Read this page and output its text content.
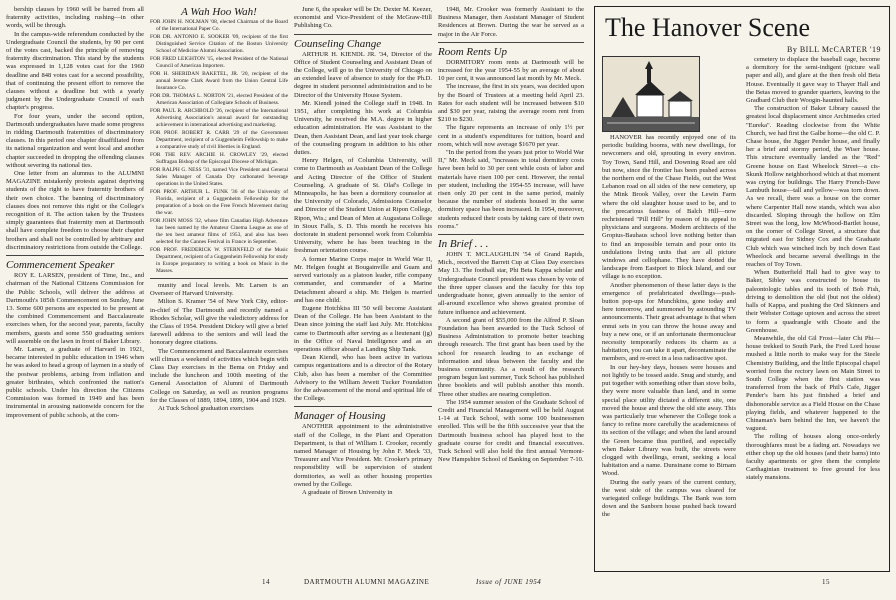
bership clauses by 1960 will be barred from all fraternity activities, including rushing—in other words, will be through.

In the campus-wide referendum conducted by the Undergraduate Council the students, by 90 per cent of the votes cast, backed the principle of removing fraternity discrimination. This stand by the students was expressed in 1,128 votes cast for the 1960 deadline and 848 votes cast for a second possibility, that of continuing the present effort to remove the clauses without a deadline but with a yearly judgment by the Undergraduate Council of each chapter's progress.

For four years, under the second option, Dartmouth undergraduates have made some progress in ridding Dartmouth fraternities of discriminatory clauses. In this period one chapter disaffiliated from its national organization and went local and another chapter succeeded in dropping the offending clauses without severing its national ties.

One letter from an alumnus to the ALUMNI MAGAZINE mistakenly protests against depriving students of the right to have fraternity brothers of their own choice. The banning of discriminatory clauses does not remove this right or the College's recognition of it. The action taken by the Trustees simply guarantees that fraternity men at Dartmouth shall have complete freedom to choose their chapter brothers and shall not be controlled by arbitrary and discriminatory restrictions from outside the College.

Commencement Speaker

ROY E. LARSEN, president of Time, Inc., and chairman of the National Citizens Commission for the Public Schools, will deliver the address at Dartmouth's 185th Commencement on Sunday, June 13. Some 600 persons are expected to be present at the combined Commencement and Baccalaureate exercises when, for the second year, parents, faculty members, guests and some 550 graduating seniors will assemble on the lawn in front of Baker Library.

Mr. Larsen, a graduate of Harvard in 1921, became interested in public education in 1946 when he was asked to head a group of laymen in a study of the postwar problems, arising from inflation and greater birthrates, which confronted the nation's public schools. Under his direction the Citizens Commission was formed in 1949 and has been instrumental in arousing nationwide concern for the improvement of public schools, at the com-

A Wah Hoo Wah!

FOR JOHN H. NOLMAN '08, elected Chairman of the Board of the International Paper Co.

FOR DR. ANTONIO E. SOOKER '09, recipient of the first Distinguished Service Citation of the Boston University School of Medicine Alumni Association.

FOR FRED LEIGHTON '15, elected President of the National Council of American Importers.

FOR H. SHERIDAN BAKETEL, JR. '20, recipient of the annual Jerome Clark Award from the Union Central Life Insurance Co.

FOR DR. THOMAS L. NORTON '21, elected President of the American Association of Collegiate Schools of Business.

FOR PAUL R. ARCHBOLD '26, recipient of the International Advertising Association's annual award for outstanding achievement in international advertising and marketing.

FOR PROF. ROBERT R. CARR '29 of the Government Department, recipient of a Guggenheim Fellowship to make a comparative study of civil liberties in England.

FOR THE REV. ARCHIE H. CROWLEY '29, elected Suffragan Bishop of the Episcopal Diocese of Michigan.

FOR RALPH G. NESS '31, named Vice President and General Sales Manager of Canada Dry carbonated beverage operations in the United States.

FOR PROF. ARTHUR L. FUNK '36 of the University of Florida, recipient of a Guggenheim Fellowship for the preparation of a book on the Free French Movement during the war.

FOR JOHN MOSS '32, whose film Canadian High Adventure has been named by the Amateur Cinema League as one of the ten best amateur films of 1953, and also has been selected for the Cannes Festival in France in September.

FOR PROF. FREDERICK W. STERNFELD of the Music Department, recipient of a Guggenheim Fellowship for study in Europe preparatory to writing a book on Music in the Masses.

munity and local levels. Mr. Larsen is an Overseer of Harvard University.

Milton S. Kramer '54 of New York City, editor-in-chief of The Dartmouth and recently named a Rhodes Scholar, will give the valedictory address for the Class of 1954. President Dickey will give a brief farewell address to the seniors and will lead the honorary degree citations.

The Commencement and Baccalaureate exercises will climax a weekend of activities which begin with Class Day exercises in the Bema on Friday and include the luncheon and 100th meeting of the General Association of Alumni of Dartmouth College on Saturday, as well as reunion programs for the Classes of 1889, 1894, 1899, 1904 and 1929.

At Tuck School graduation exercises

June 6, the speaker will be Dr. Dexter M. Keezer, economist and Vice-President of the McGraw-Hill Publishing Co.

Counseling Change

ARTHUR H. KIENDL JR. '34, Director of the Office of Student Counseling and Assistant Dean of the College, will go to the University of Chicago on an extended leave of absence to study for the Ph.D. degree in student personnel administration and to be Director of the University House System.

Mr. Kiendl joined the College staff in 1948. In 1951, after completing his work at Columbia University, he received the M.A. degree in higher education administration. He was Assistant to the Dean, then Assistant Dean, and last year took charge of the counseling program in addition to his other duties.

Henry Helgen, of Columbia University, will come to Dartmouth as Assistant Dean of the College and Acting Director of the Office of Student Counseling. A graduate of St. Olaf's College in Minneapolis, he has been a dormitory counselor at the University of Colorado, Admissions Counselor and Director of the Student Union at Ripon College, Ripon, Wis.; and Dean of Men at Augustana College in Sioux Falls, S. D. This month he receives his doctorate in student personnel work from Columbia University, where he has been teaching in the freshman orientation course.

A former Marine Corps major in World War II, Mr. Helgen fought at Bougainville and Guam and served variously as a platoon leader, rifle company commander, and commander of a Marine Detachment aboard a ship. Mr. Helgen is married and has one child.

Eugene Hotchkiss III '50 will become Assistant Dean of the College. He has been Assistant to the Dean since joining the staff last July. Mr. Hotchkiss came to Dartmouth after serving as a lieutenant (jg) in the Office of Naval Intelligence and as an operations officer aboard a Landing Ship Tank.

Dean Kiendl, who has been active in various campus organizations and is a director of the Rotary Club, also has been a member of the Committee Advisory to the William Jewett Tucker Foundation for the advancement of the moral and spiritual life of the College.

Manager of Housing

ANOTHER appointment to the administrative staff of the College, in the Plant and Operation Department, is that of William I. Crooker, recently named Manager of Housing by John F. Meck '33, Treasurer and Vice President. Mr. Crooker's primary responsibility will be supervision of student dormitories, as well as other housing properties owned by the College.

A graduate of Brown University in

1948, Mr. Crooker was formerly Assistant to the Business Manager, then Assistant Manager of Student Residences at Brown. During the war he served as a major in the Air Force.

Room Rents Up

DORMITORY room rents at Dartmouth will be increased for the year 1954-55 by an average of about 10 per cent, it was announced last month by Mr. Meck.

The increase, the first in six years, was decided upon by the Board of Trustees at a meeting held April 23. Rates for each student will be increased between $10 and $30 per year, raising the average room rent from $210 to $230.

The figure represents an increase of only 1½ per cent in a student's expenditures for tuition, board and room, which will now average $1670 per year.

"In the period from the years just prior to World War II," Mr. Meck said, "increases in total dormitory costs have been held to 30 per cent while costs of labor and materials have risen 100 per cent. However, the rental per student, including the 1954-55 increase, will have risen only 20 per cent in the same period, mainly because the number of students housed in the same dormitory space has been increased. In 1954, moreover, students reduced their costs by taking care of their own rooms."

In Brief . . .

JOHN T. MCLAUGHLIN '54 of Grand Rapids, Mich., received the Barrett Cup at Class Day exercises May 13. The football star, Phi Beta Kappa scholar and Undergraduate Council president was chosen by vote of the three upper classes and the faculty for this top undergraduate honor, given annually to the senior of all-around excellence who shows greatest promise of future influence and achievement.

A second grant of $55,000 from the Alfred P. Sloan Foundation has been awarded to the Tuck School of Business Administration to promote better teaching through research. The first grant has been used by the school for research leading to an exchange of information and ideas between the faculty and the business community. As a result of the research program begun last summer, Tuck School has published three booklets and will publish another this month. Three other studies are nearing completion.

The 1954 summer session of the Graduate School of Credit and Financial Management will be held August 1-14 at Tuck School, with some 100 businessmen enrolled. This will be the fifth successive year that the Dartmouth business school has played host to the graduate course for credit and financial executives. Tuck School will also hold the first annual Vermont-New Hampshire School of Banking on September 7-10.

14	DARTMOUTH ALUMNI MAGAZINE	Issue of JUNE 1954
The Hanover Scene
By BILL McCARTER '19

HANOVER has recently enjoyed one of its periodic building booms, with new dwellings, for newcomers and old, sprouting in every environ. Toy Town, Sand Hill, and Downing Road are old but now, since the frontier has been pushed across the northern end of the Chase Fields, out the West Lebanon road on all sides of the new cemetery, up the Mink Brook Valley, over the Lewin Farm where the old slaughter house used to be, and to the precarious fastness of Balch Hill—now rechristened "Pill Hill" by reason of its appeal to physicians and surgeons. Modern architects of the Gropius-Bauhaus school love nothing better than to find an impossible terrain and pour onto its undulations living units that are all picture windows and cellophane. They have dotted the landscape from Eastport to Block Island, and our village is no exception.

Another phenomenon of these latter days is the emergence of prefabricated dwellings—push-button pop-ups for Munchkins, gone today and here tomorrow, and summoned by astounding TV announcements. Their great advantage is that when ennui sets in you can throw the house away and buy a new one, or if an unfortunate thermonuclear necessity temporarily reduces its charm as a habitation, you can take it apart, decontaminate the members, and re-erect in a less radioactive spot.

In our hey-hey days, houses were houses and not lightly to be tossed aside. Snug and sturdy, and put together with something other than stove bolts, they were more valuable than land, and in some special place utility dictated a different site, one moved the house and threw the old site away. This was particularly true whenever the College took a fancy to refine more carefully the academicness of its section of the village; and when the land around the Green became thus purified, and especially when Baker Library was built, the streets were clogged with dwellings, errant, seeking a local habitation and a name. Dunsinane come to Birnam Wood.

During the early years of the current century, the west side of the campus was cleared for variegated college buildings. The Bank was torn down and the Sanborn house pushed back toward the

cemetery to displace the baseball cage, become a dormitory for the semi-indigent (picture wall paper and all), and glare at the then fresh old Beta House. Eventually it gave way to Thayer Hall and the Betas moved to grander quarters, leaving to the Gradbard Club their Woogin-haunted halls.

The construction of Baker Library caused the greatest local displacement since Archimedes cried "Eureka". Reading clockwise from the White Church, we had first the Galbe home—the old C. P. Chase house, the Jigger Pender house, and finally her a brief and stormy period, the Wiser house. This structure eventually landed as the "Red" Greene house on East Wheelock Street—a cis-Skunk Hollow neighborhood which at that moment was crying for buildings. The Harry French-Dave Lambuth house—tall and yellow—was torn down. As we recall, there was a house on the corner where Carpenter Hall now stands, which was also discarded. Sloping through the hollow on Elm Street was the long, low McWhood-Bartlet house, on the corner of College Street, a structure that migrated east for Sidney Cox and the Graduate Club which was winched inch by inch down East Wheelock and became several dwellings in the reaches of Toy Town.

When Butterfield Hall had to give way to Baker, Sibley was constructed to house its paleontologic tables and its tooth of Bob Fish, driving to demolition the old (but not the oldest) halls of Kappa, and pushing the Ord Skinners and their Webster Cottage uptown and across the street to form a quadrangle with Choate and the Greenhouse.

Meanwhile, the old Gil Frost—later Chi Phi—house trekked to South Park, the Fred Lord house mushed a little north to make way for the Steele Chemistry Building, and the little Episcopal chapel worried from the rectory lawn on Main Street to South College when the first station was transferred from the back of Phil's Cafe, Jigger Pender's barn his just finished a brief and dishonorable service as a Field House on the Chase playing fields, and whatever happened to the Chinaman's barn behind the Inn, we haven't the vaguest.

The rolling of houses along once-orderly thoroughfares must be a fading art. Nowadays we either chop up the old houses (and their barns) into faculty apartments or give them the complete Carthaginian treatment to free ground for less stately mansions.

15
